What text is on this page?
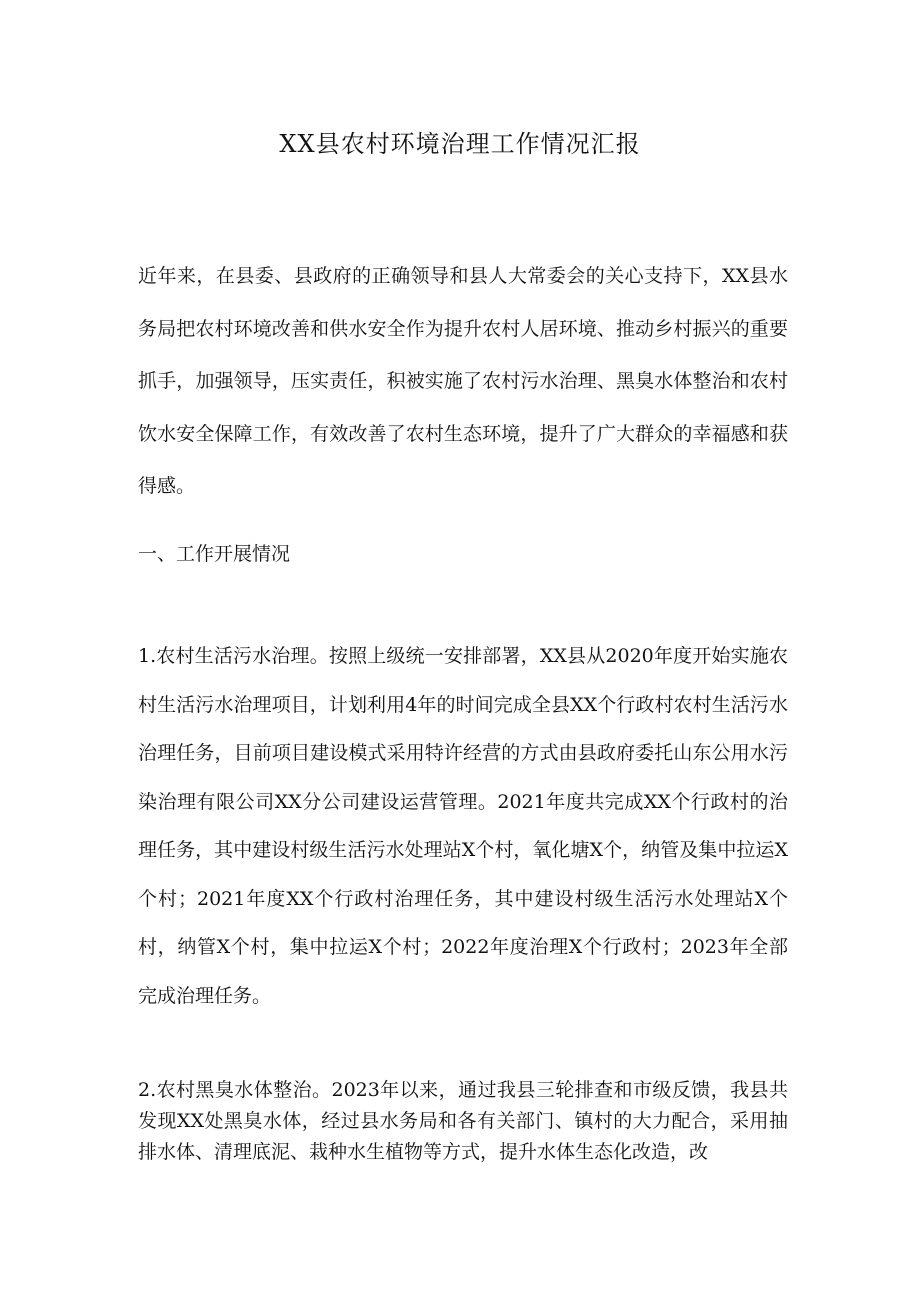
XX县农村环境治理工作情况汇报

近年来，在县委、县政府的正确领导和县人大常委会的关心支持下，XX县水务局把农村环境改善和供水安全作为提升农村人居环境、推动乡村振兴的重要抓手，加强领导，压实责任，积被实施了农村污水治理、黑臭水体整治和农村饮水安全保障工作，有效改善了农村生态环境，提升了广大群众的幸福感和获得感。

一、工作开展情况

1.农村生活污水治理。按照上级统一安排部署，XX县从2020年度开始实施农村生活污水治理项目，计划利用4年的时间完成全县XX个行政村农村生活污水治理任务，目前项目建设模式采用特许经营的方式由县政府委托山东公用水污染治理有限公司XX分公司建设运营管理。2021年度共完成XX个行政村的治理任务，其中建设村级生活污水处理站X个村，氧化塘X个，纳管及集中拉运X个村；2021年度XX个行政村治理任务，其中建设村级生活污水处理站X个村，纳管X个村，集中拉运X个村；2022年度治理X个行政村；2023年全部完成治理任务。

2.农村黑臭水体整治。2023年以来，通过我县三轮排查和市级反馈，我县共发现XX处黑臭水体，经过县水务局和各有关部门、镇村的大力配合，采用抽排水体、清理底泥、栽种水生植物等方式，提升水体生态化改造，改
